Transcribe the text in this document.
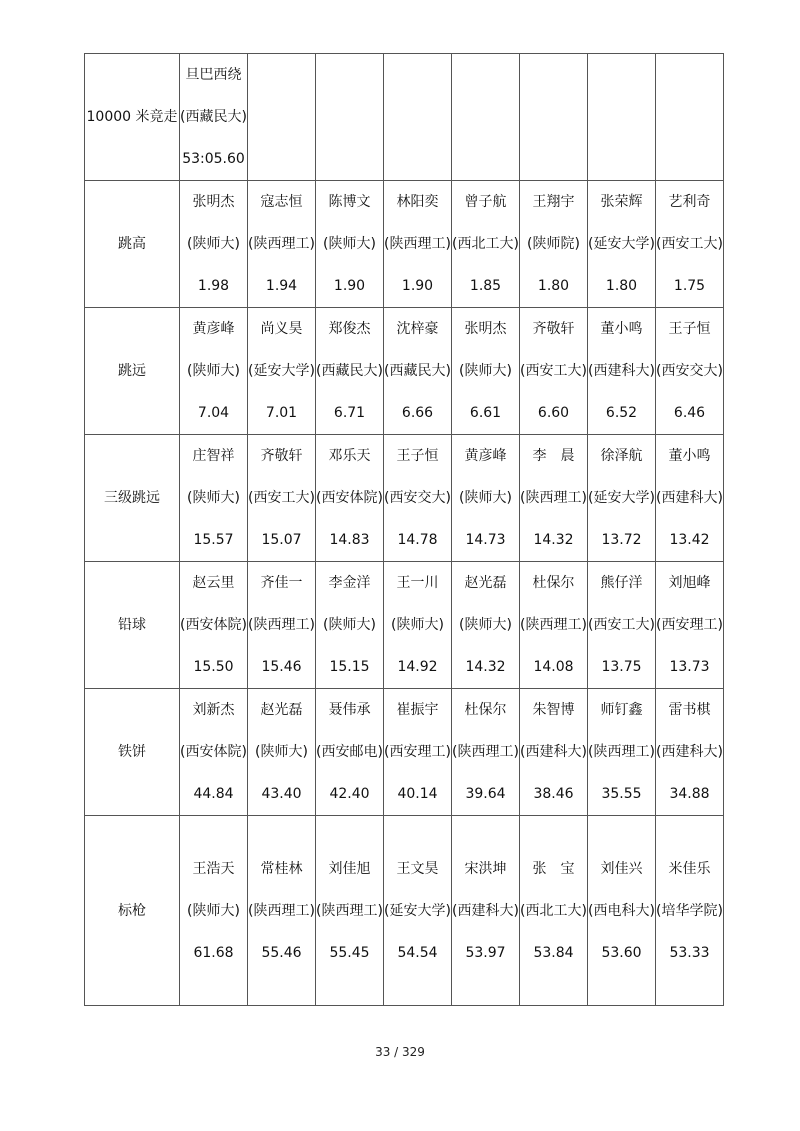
10000 米竞走	旦巴西绕
(西藏民大)
53:05.60							

跳高	张明杰
(陕师大)
1.98	寇志恒
(陕西理工)
1.94	陈博文
(陕师大)
1.90	林阳奕
(陕西理工)
1.90	曾子航
(西北工大)
1.85	王翔宇
(陕师院)
1.80	张荣辉
(延安大学)
1.80	艺利奇
(西安工大)
1.75

跳远	黄彦峰
(陕师大)
7.04	尚义昊
(延安大学)
7.01	郑俊杰
(西藏民大)
6.71	沈梓豪
(西藏民大)
6.66	张明杰
(陕师大)
6.61	齐敬轩
(西安工大)
6.60	董小鸣
(西建科大)
6.52	王子恒
(西安交大)
6.46

三级跳远	庄智祥
(陕师大)
15.57	齐敬轩
(西安工大)
15.07	邓乐天
(西安体院)
14.83	王子恒
(西安交大)
14.78	黄彦峰
(陕师大)
14.73	李　晨
(陕西理工)
14.32	徐泽航
(延安大学)
13.72	董小鸣
(西建科大)
13.42

铅球	赵云里
(西安体院)
15.50	齐佳一
(陕西理工)
15.46	李金洋
(陕师大)
15.15	王一川
(陕师大)
14.92	赵光磊
(陕师大)
14.32	杜保尔
(陕西理工)
14.08	熊仔洋
(西安工大)
13.75	刘旭峰
(西安理工)
13.73

铁饼	刘新杰
(西安体院)
44.84	赵光磊
(陕师大)
43.40	聂伟承
(西安邮电)
42.40	崔振宇
(西安理工)
40.14	杜保尔
(陕西理工)
39.64	朱智博
(西建科大)
38.46	师钉鑫
(陕西理工)
35.55	雷书棋
(西建科大)
34.88

标枪	王浩天
(陕师大)
61.68	常桂林
(陕西理工)
55.46	刘佳旭
(陕西理工)
55.45	王文昊
(延安大学)
54.54	宋洪坤
(西建科大)
53.97	张　宝
(西北工大)
53.84	刘佳兴
(西电科大)
53.60	米佳乐
(培华学院)
53.33
33 / 329
